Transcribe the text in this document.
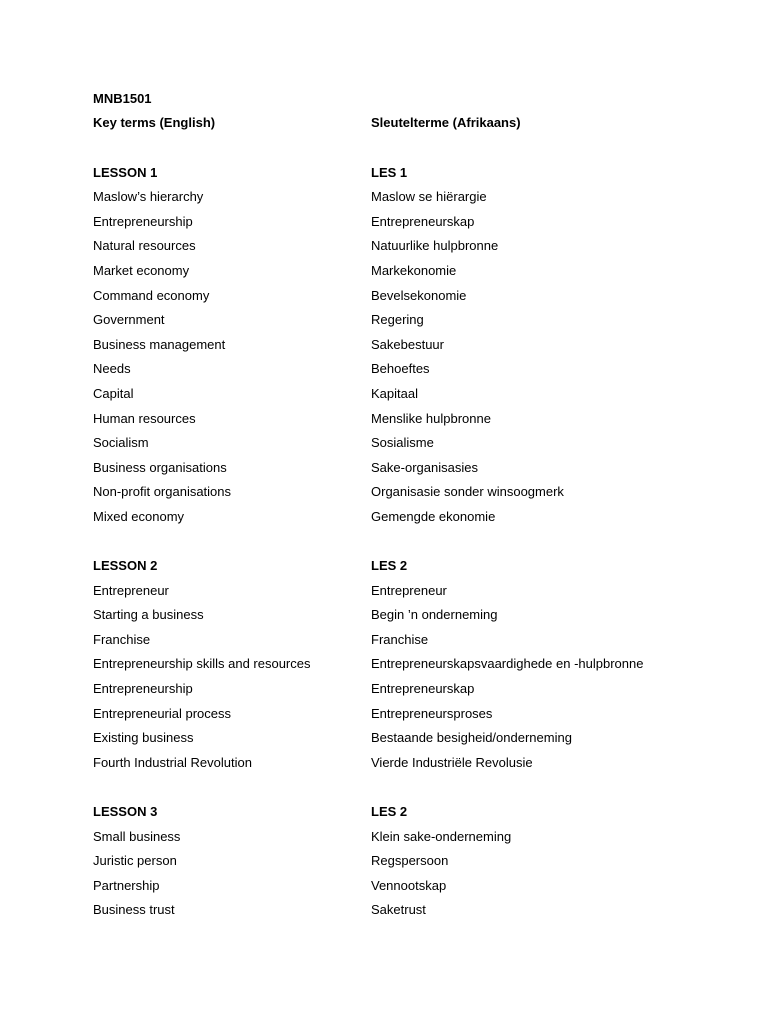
MNB1501
Key terms (English)	Sleutelterme (Afrikaans)
LESSON 1	LES 1
Maslow’s hierarchy	Maslow se hiërargie
Entrepreneurship	Entrepreneurskap
Natural resources	Natuurlike hulpbronne
Market economy	Markekonomie
Command economy	Bevelsekonomie
Government	Regering
Business management	Sakebestuur
Needs	Behoeftes
Capital	Kapitaal
Human resources	Menslike hulpbronne
Socialism	Sosialisme
Business organisations	Sake-organisasies
Non-profit organisations	Organisasie sonder winsoogmerk
Mixed economy	Gemengde ekonomie
LESSON 2	LES 2
Entrepreneur	Entrepreneur
Starting a business	Begin ’n onderneming
Franchise	Franchise
Entrepreneurship skills and resources	Entrepreneurskapsvaardighede en -hulpbronne
Entrepreneurship	Entrepreneurskap
Entrepreneurial process	Entrepreneursproses
Existing business	Bestaande besigheid/onderneming
Fourth Industrial Revolution	Vierde Industriële Revolusie
LESSON 3	LES 2
Small business	Klein sake-onderneming
Juristic person	Regspersoon
Partnership	Vennootskap
Business trust	Saketrust
